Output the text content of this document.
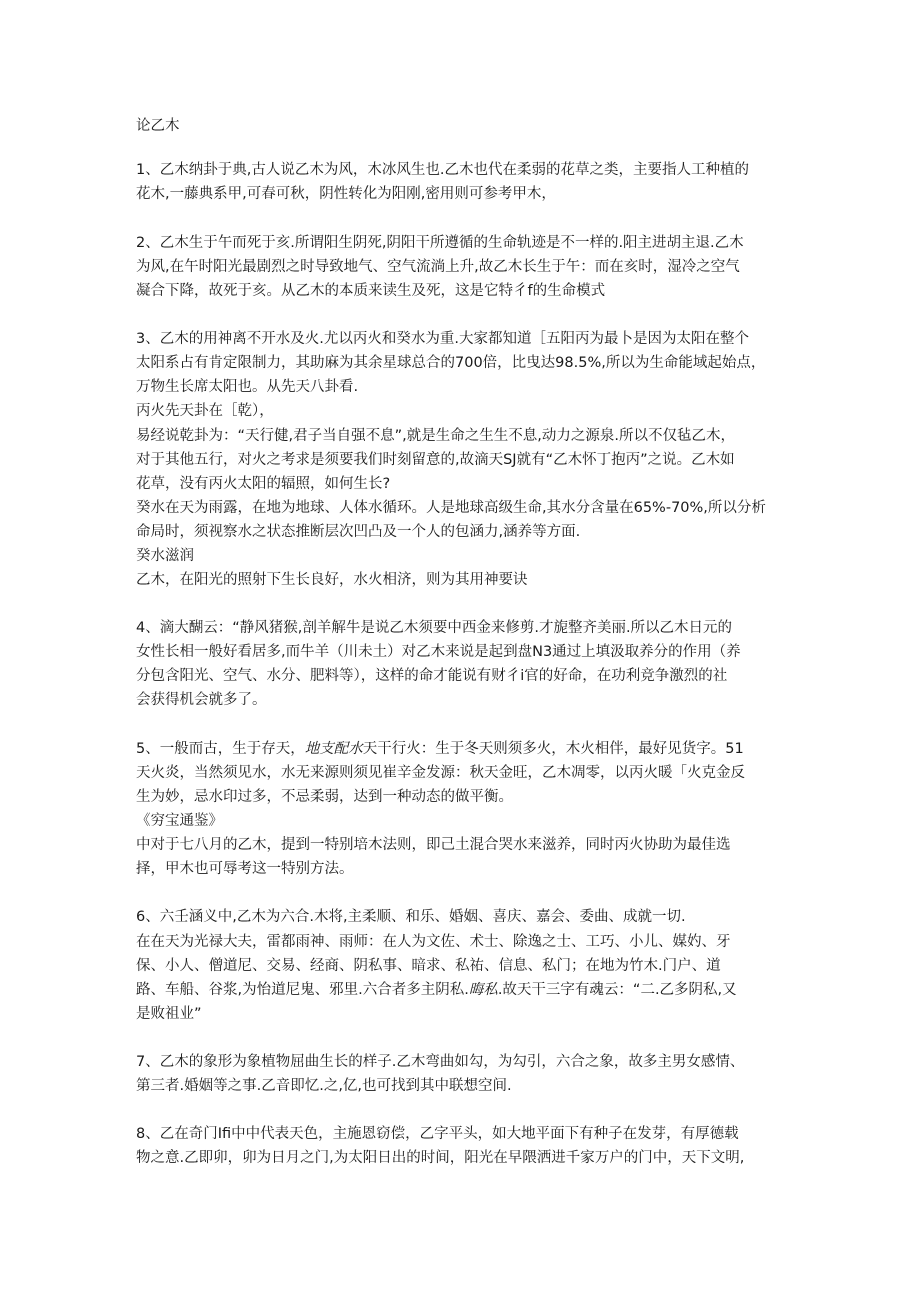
论乙木

1、乙木纳卦于典,古人说乙木为风，木冰风生也.乙木也代在柔弱的花草之类，主要指人工种植的

花木,一藤典系甲,可春可秋，阴性转化为阳刚,密用则可参考甲木，

2、乙木生于午而死于亥.所谓阳生阴死,阴阳干所遵循的生命轨迹是不一样的.阳主进胡主退.乙木

为风,在午时阳光最剧烈之时导致地气、空气流淌上升,故乙木长生于午：而在亥时，湿冷之空气

凝合下降，故死于亥。从乙木的本质来读生及死，这是它特彳f的生命模式

3、乙木的用神离不开水及火.尤以丙火和癸水为重.大家都知道［五阳丙为最卜是因为太阳在整个

太阳系占有肯定限制力，其助麻为其余星球总合的700倍，比曳达98.5%,所以为生命能域起始点，

万物生长席太阳也。从先天八卦看.

丙火先天卦在［乾），

易经说乾卦为：“天行健,君子当自强不息”,就是生命之生生不息,动力之源泉.所以不仅毡乙木，

对于其他五行，对火之考求是须要我们时刻留意的,故滴天SJ就有“乙木怀丁抱丙”之说。乙木如

花草，没有丙火太阳的辐照，如何生长?

癸水在天为雨露，在地为地球、人体水循环。人是地球高级生命,其水分含量在65%-70%,所以分析

命局时，须视察水之状态推断层次凹凸及一个人的包涵力,涵养等方面.

癸水滋润

乙木，在阳光的照射下生长良好，水火相济，则为其用神要诀

4、滴大醐云：“静风猪猴,剖羊解牛是说乙木须要中西金来修剪.才旎整齐美丽.所以乙木日元的

女性长相一般好看居多,而牛羊（川未土）对乙木来说是起到盘N3通过上填汲取养分的作用（养

分包含阳光、空气、水分、肥料等），这样的命才能说有财彳i官的好命，在功利竞争激烈的社

会获得机会就多了。

5、一般而古，生于存天，地支配水天干行火：生于冬天则须多火，木火相伴，最好见货字。51

天火炎，当然须见水，水无来源则须见崔辛金发源：秋天金旺，乙木凋零，以丙火暖「火克金反

生为妙，忌水印过多，不忌柔弱，达到一种动态的做平衡。

《穷宝通鉴》

中对于七八月的乙木，提到一特别培木法则，即己土混合哭水来滋养，同时丙火协助为最佳选

择，甲木也可辱考这一特别方法。

6、六壬涵义中,乙木为六合.木将,主柔顺、和乐、婚姻、喜庆、嘉会、委曲、成就一切.

在在天为光禄大夫，雷都雨神、雨师：在人为文佐、术士、除逸之士、工巧、小儿、媒妁、牙

保、小人、僧道尼、交易、经商、阴私事、暗求、私祐、信息、私门；在地为竹木.门户、道

路、车船、谷浆,为怡道尼鬼、邪里.六合者多主阴私.晦私.故天干三字有魂云：“二.乙多阴私,又

是败祖业”

7、乙木的象形为象植物屈曲生长的样子.乙木弯曲如勾，为勾引，六合之象，故多主男女感情、

第三者.婚姻等之事.乙音即忆.之,亿,也可找到其中联想空间.

8、乙在奇门Ifi中中代表天色，主施恩窃偿，乙字平头，如大地平面下有种子在发芽，有厚德载

物之意.乙即卯，卯为日月之门,为太阳日出的时间，阳光在早隈洒进千家万户的门中，天下文明,
